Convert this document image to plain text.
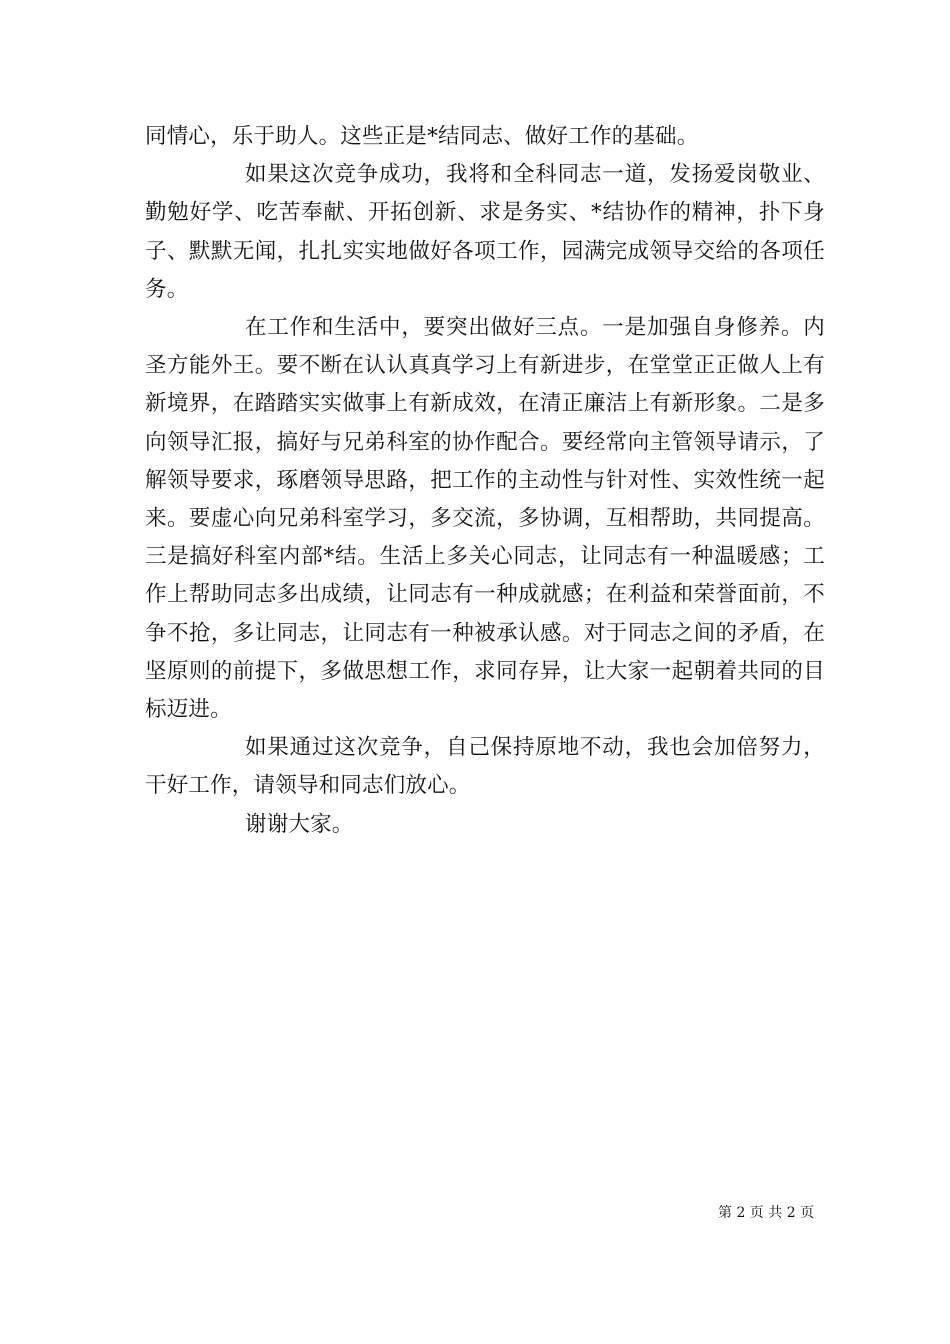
同情心，乐于助人。这些正是*结同志、做好工作的基础。

如果这次竞争成功，我将和全科同志一道，发扬爱岗敬业、勤勉好学、吃苦奉献、开拓创新、求是务实、*结协作的精神，扑下身子、默默无闻，扎扎实实地做好各项工作，园满完成领导交给的各项任务。

在工作和生活中，要突出做好三点。一是加强自身修养。内圣方能外王。要不断在认认真真学习上有新进步，在堂堂正正做人上有新境界，在踏踏实实做事上有新成效，在清正廉洁上有新形象。二是多向领导汇报，搞好与兄弟科室的协作配合。要经常向主管领导请示，了解领导要求，琢磨领导思路，把工作的主动性与针对性、实效性统一起来。要虚心向兄弟科室学习，多交流，多协调，互相帮助，共同提高。三是搞好科室内部*结。生活上多关心同志，让同志有一种温暖感；工作上帮助同志多出成绩，让同志有一种成就感；在利益和荣誉面前，不争不抢，多让同志，让同志有一种被承认感。对于同志之间的矛盾，在坚原则的前提下，多做思想工作，求同存异，让大家一起朝着共同的目标迈进。

如果通过这次竞争，自己保持原地不动，我也会加倍努力，干好工作，请领导和同志们放心。

谢谢大家。

第 2 页 共 2 页
